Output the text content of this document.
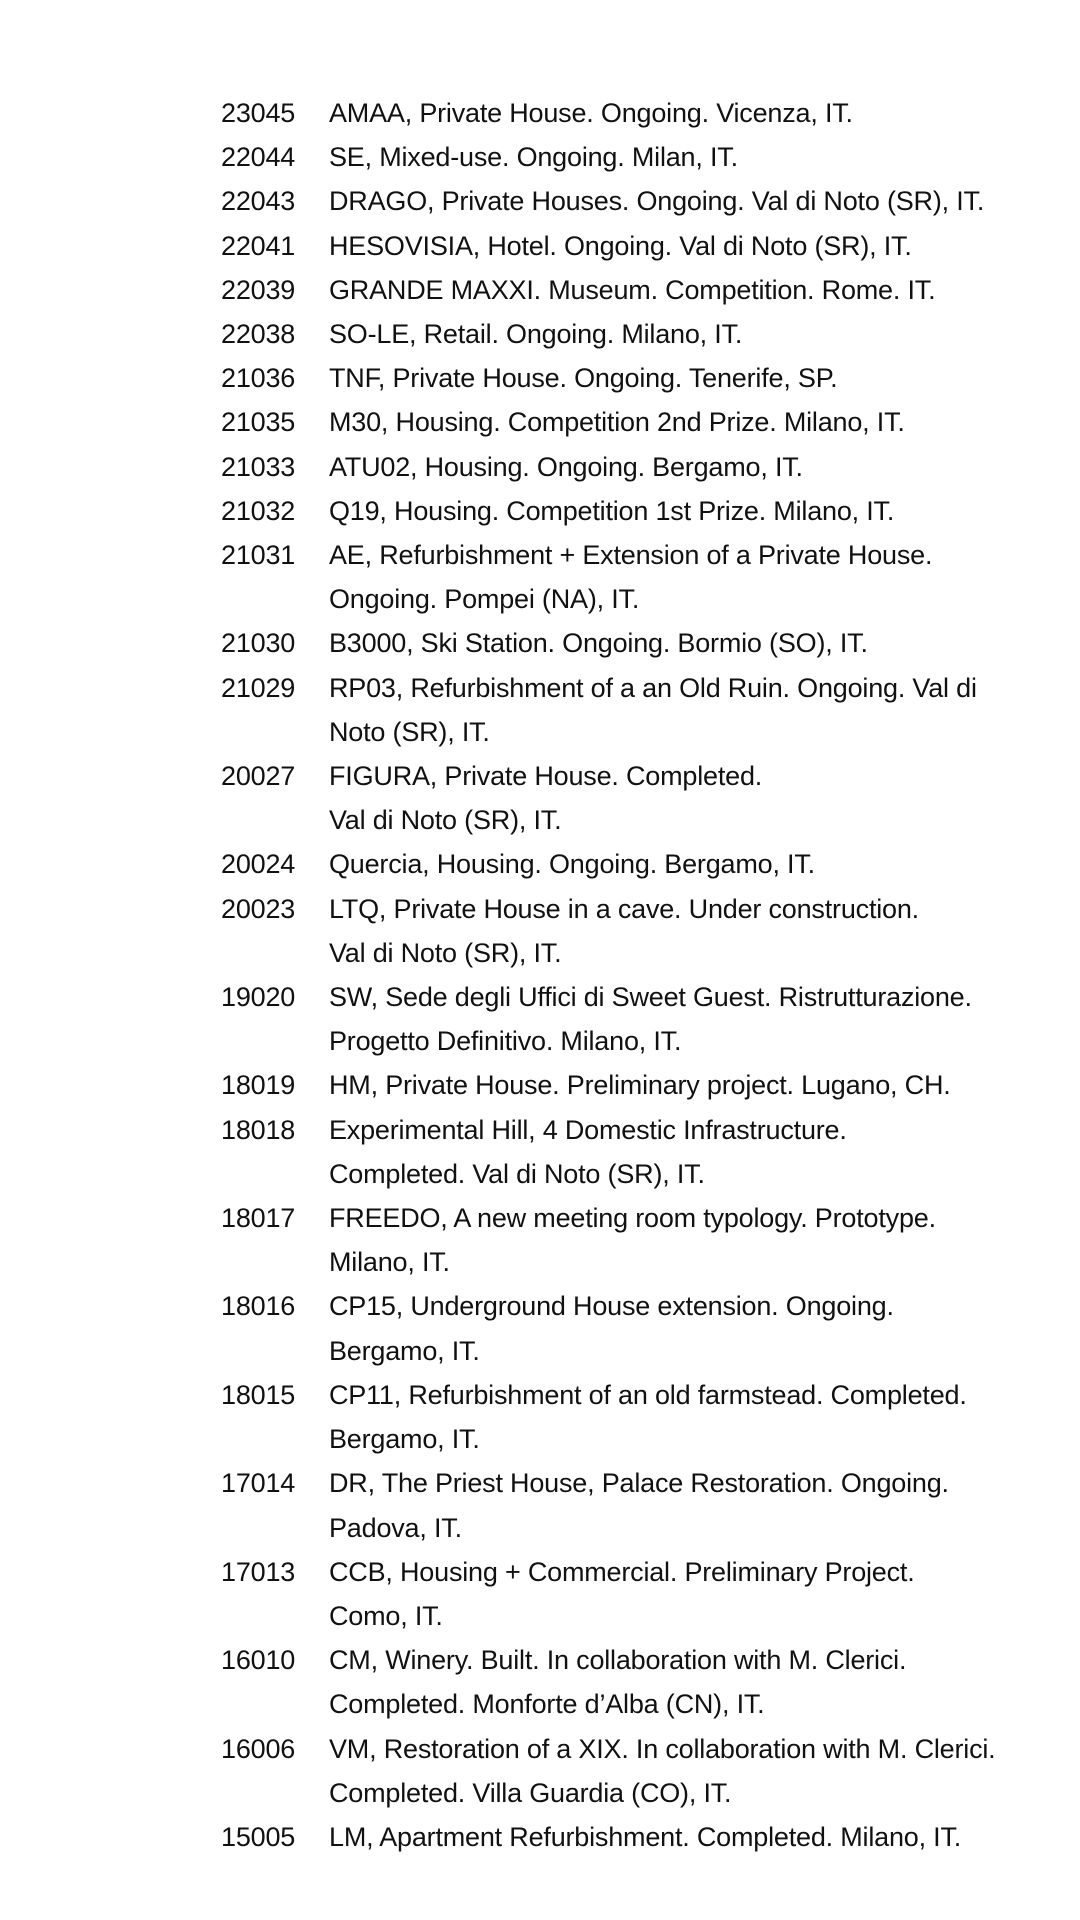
23045	AMAA, Private House. Ongoing. Vicenza, IT.
22044	SE, Mixed-use. Ongoing. Milan, IT.
22043	DRAGO, Private Houses. Ongoing. Val di Noto (SR), IT.
22041	HESOVISIA, Hotel. Ongoing. Val di Noto (SR), IT.
22039	GRANDE MAXXI. Museum. Competition. Rome. IT.
22038	SO-LE, Retail. Ongoing. Milano, IT.
21036	TNF, Private House. Ongoing. Tenerife, SP.
21035	M30, Housing. Competition 2nd Prize. Milano, IT.
21033	ATU02, Housing. Ongoing. Bergamo, IT.
21032	Q19, Housing. Competition 1st Prize. Milano, IT.
21031	AE, Refurbishment + Extension of a Private House.
Ongoing. Pompei (NA), IT.
21030	B3000, Ski Station. Ongoing. Bormio (SO), IT.
21029	RP03, Refurbishment of a an Old Ruin. Ongoing. Val di
Noto (SR), IT.
20027	FIGURA, Private House. Completed.
Val di Noto (SR), IT.
20024	Quercia, Housing. Ongoing. Bergamo, IT.
20023	LTQ, Private House in a cave. Under construction.
Val di Noto (SR), IT.
19020	SW, Sede degli Uffici di Sweet Guest. Ristrutturazione.
Progetto Definitivo. Milano, IT.
18019	HM, Private House. Preliminary project. Lugano, CH.
18018	Experimental Hill, 4 Domestic Infrastructure.
Completed. Val di Noto (SR), IT.
18017	FREEDO, A new meeting room typology. Prototype.
Milano, IT.
18016	CP15, Underground House extension. Ongoing.
Bergamo, IT.
18015	CP11, Refurbishment of an old farmstead. Completed.
Bergamo, IT.
17014	DR, The Priest House, Palace Restoration. Ongoing.
Padova, IT.
17013	CCB, Housing + Commercial. Preliminary Project.
Como, IT.
16010	CM, Winery. Built. In collaboration with M. Clerici.
Completed. Monforte d’Alba (CN), IT.
16006	VM, Restoration of a XIX. In collaboration with M. Clerici.
Completed. Villa Guardia (CO), IT.
15005	LM, Apartment Refurbishment. Completed. Milano, IT.
